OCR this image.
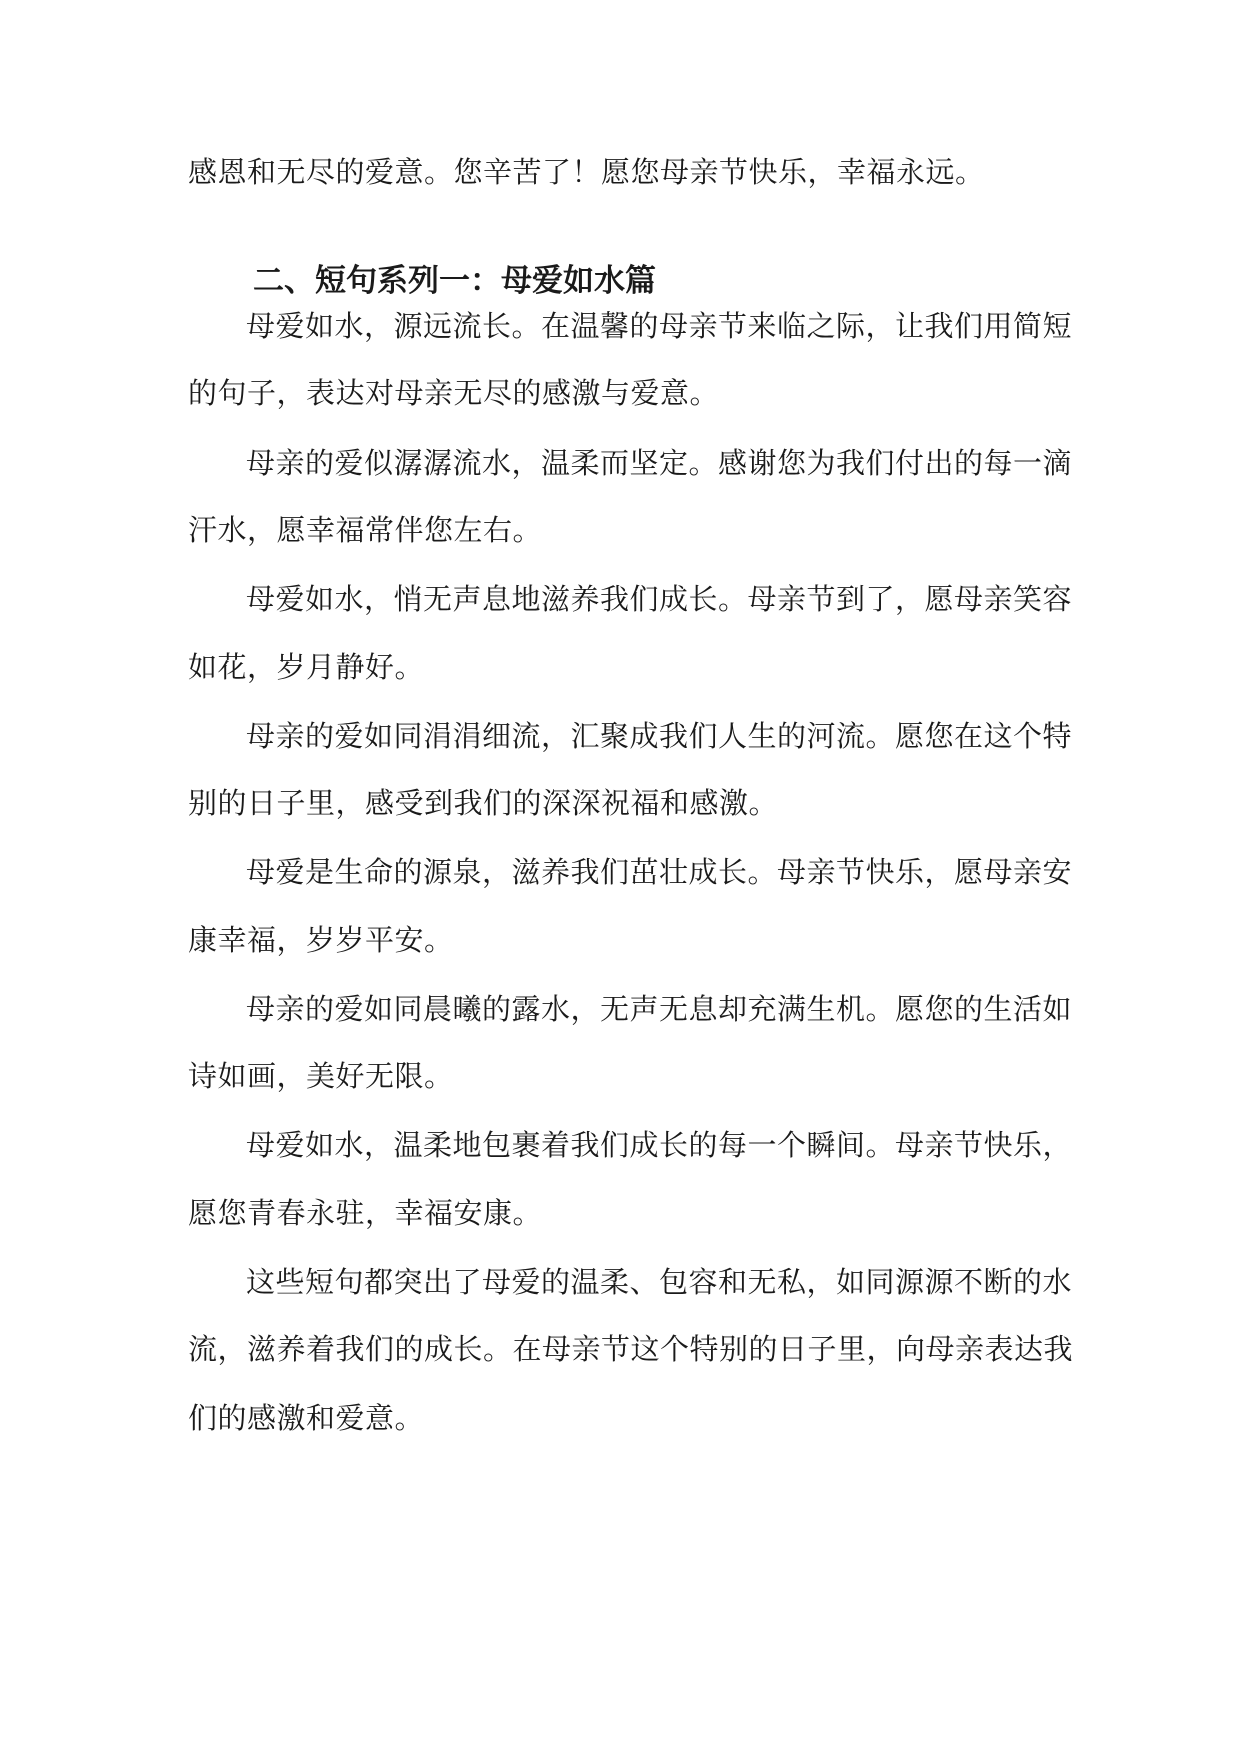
感恩和无尽的爱意。您辛苦了！愿您母亲节快乐，幸福永远。
二、短句系列一：母爱如水篇
母爱如水，源远流长。在温馨的母亲节来临之际，让我们用简短
的句子，表达对母亲无尽的感激与爱意。
母亲的爱似潺潺流水，温柔而坚定。感谢您为我们付出的每一滴
汗水，愿幸福常伴您左右。
母爱如水，悄无声息地滋养我们成长。母亲节到了，愿母亲笑容
如花，岁月静好。
母亲的爱如同涓涓细流，汇聚成我们人生的河流。愿您在这个特
别的日子里，感受到我们的深深祝福和感激。
母爱是生命的源泉，滋养我们茁壮成长。母亲节快乐，愿母亲安
康幸福，岁岁平安。
母亲的爱如同晨曦的露水，无声无息却充满生机。愿您的生活如
诗如画，美好无限。
母爱如水，温柔地包裹着我们成长的每一个瞬间。母亲节快乐，
愿您青春永驻，幸福安康。
这些短句都突出了母爱的温柔、包容和无私，如同源源不断的水
流，滋养着我们的成长。在母亲节这个特别的日子里，向母亲表达我
们的感激和爱意。
